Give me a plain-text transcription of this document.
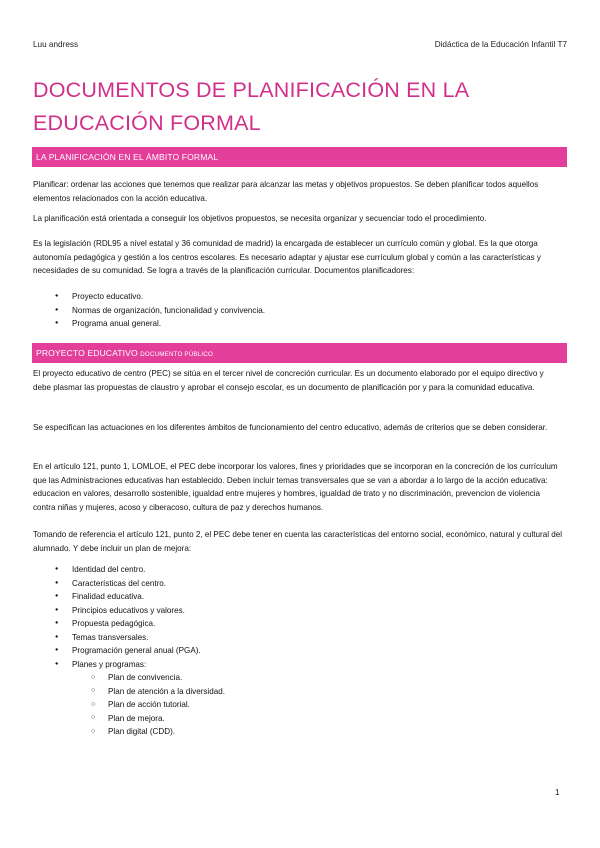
Luu andress	Didáctica de la Educación Infantil T7
DOCUMENTOS DE PLANIFICACIÓN EN LA EDUCACIÓN FORMAL
LA PLANIFICACIÓN EN EL ÁMBITO FORMAL
Planificar: ordenar las acciones que tenemos que realizar para alcanzar las metas y objetivos propuestos. Se deben planificar todos aquellos elementos relacionados con la acción educativa.
La planificación está orientada a conseguir los objetivos propuestos, se necesita organizar y secuenciar todo el procedimiento.
Es la legislación (RDL95 a nivel estatal y 36 comunidad de madrid) la encargada de establecer un currículo común y global. Es la que otorga autonomía pedagógica y gestión a los centros escolares. Es necesario adaptar y ajustar ese currículum global y común a las características y necesidades de su comunidad. Se logra a través de la planificación curricular. Documentos planificadores:
● Proyecto educativo.
● Normas de organización, funcionalidad y convivencia.
● Programa anual general.
PROYECTO EDUCATIVO DOCUMENTO PÚBLICO
El proyecto educativo de centro (PEC) se sitúa en el tercer nivel de concreción curricular. Es un documento elaborado por el equipo directivo y debe plasmar las propuestas de claustro y aprobar el consejo escolar, es un documento de planificación por y para la comunidad educativa.
Se especifican las actuaciones en los diferentes ámbitos de funcionamiento del centro educativo, además de criterios que se deben considerar.
En el artículo 121, punto 1, LOMLOE, el PEC debe incorporar los valores, fines y prioridades que se incorporan en la concreción de los currículum que las Administraciones educativas han establecido. Deben incluir temas transversales que se van a abordar a lo largo de la acción educativa: educacion en valores, desarrollo sostenible, igualdad entre mujeres y hombres, igualdad de trato y no discriminación, prevencion de violencia contra niñas y mujeres, acoso y ciberacoso, cultura de paz y derechos humanos.
Tomando de referencia el artículo 121, punto 2, el PEC debe tener en cuenta las características del entorno social, económico, natural y cultural del alumnado. Y debe incluir un plan de mejora:
● Identidad del centro.
● Características del centro.
● Finalidad educativa.
● Principios educativos y valores.
● Propuesta pedagógica.
● Temas transversales.
● Programación general anual (PGA).
● Planes y programas:
○ Plan de convivencia.
○ Plan de atención a la diversidad.
○ Plan de acción tutorial.
○ Plan de mejora.
○ Plan digital (CDD).
1
